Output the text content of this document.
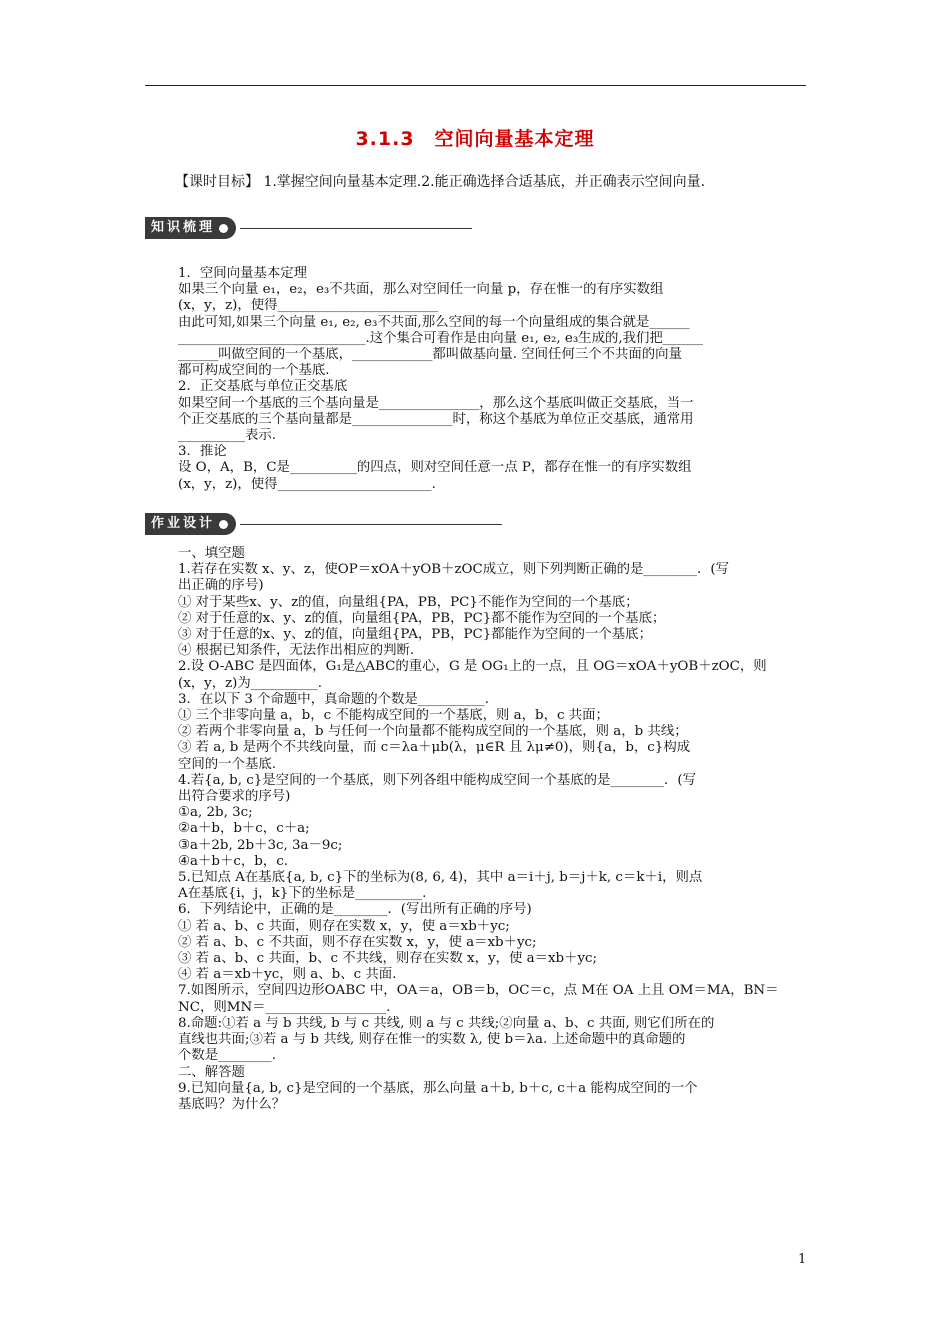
3.1.3　空间向量基本定理
【课时目标】 1.掌握空间向量基本定理.2.能正确选择合适基底，并正确表示空间向量.
知识梳理

1．空间向量基本定理

如果三个向量 e₁，e₂，e₃不共面，那么对空间任一向量 p，存在惟一的有序实数组

(x，y，z)，使得________________________

由此可知,如果三个向量 e₁, e₂, e₃不共面,那么空间的每一个向量组成的集合就是______

____________________________.这个集合可看作是由向量 e₁, e₂, e₃生成的,我们把______

______叫做空间的一个基底，____________都叫做基向量. 空间任何三个不共面的向量

都可构成空间的一个基底.

2．正交基底与单位正交基底

如果空间一个基底的三个基向量是_______________，那么这个基底叫做正交基底，当一

个正交基底的三个基向量都是_______________时，称这个基底为单位正交基底，通常用

__________表示.

3．推论

设 O，A，B，C是__________的四点，则对空间任意一点 P，都存在惟一的有序实数组

(x，y，z)，使得_______________________.

作业设计

一、填空题

1.若存在实数 x、y、z，使OP＝xOA＋yOB＋zOC成立，则下列判断正确的是________．(写

出正确的序号)

① 对于某些x、y、z的值，向量组{PA，PB，PC}不能作为空间的一个基底；

② 对于任意的x、y、z的值，向量组{PA，PB，PC}都不能作为空间的一个基底；

③ 对于任意的x、y、z的值，向量组{PA，PB，PC}都能作为空间的一个基底；

④ 根据已知条件，无法作出相应的判断.

2.设 O-ABC 是四面体，G₁是△ABC的重心，G 是 OG₁上的一点，且 OG＝xOA＋yOB＋zOC，则

(x，y，z)为__________.

3．在以下 3 个命题中，真命题的个数是__________.

① 三个非零向量 a，b，c 不能构成空间的一个基底，则 a，b，c 共面；

② 若两个非零向量 a，b 与任何一个向量都不能构成空间的一个基底，则 a，b 共线；

③ 若 a, b 是两个不共线向量，而 c＝λa＋μb(λ，μ∈R 且 λμ≠0)，则{a，b，c}构成

空间的一个基底.

4.若{a, b, c}是空间的一个基底，则下列各组中能构成空间一个基底的是________．(写

出符合要求的序号)

①a, 2b, 3c;

②a＋b，b＋c，c＋a;

③a＋2b, 2b＋3c, 3a－9c;

④a＋b＋c，b，c.

5.已知点 A在基底{a, b, c}下的坐标为(8, 6, 4)，其中 a＝i＋j, b＝j＋k, c＝k＋i，则点

A在基底{i，j，k}下的坐标是__________.

6．下列结论中，正确的是________．(写出所有正确的序号)

① 若 a、b、c 共面，则存在实数 x，y，使 a＝xb＋yc;

② 若 a、b、c 不共面，则不存在实数 x，y，使 a＝xb＋yc;

③ 若 a、b、c 共面，b、c 不共线，则存在实数 x，y，使 a＝xb＋yc;

④ 若 a＝xb＋yc，则 a、b、c 共面.

7.如图所示，空间四边形OABC 中，OA＝a，OB＝b，OC＝c，点 M在 OA 上且 OM＝MA，BN＝

NC，则MN＝__________________.

8.命题:①若 a 与 b 共线, b 与 c 共线, 则 a 与 c 共线;②向量 a、b、c 共面, 则它们所在的

直线也共面;③若 a 与 b 共线, 则存在惟一的实数 λ, 使 b＝λa. 上述命题中的真命题的

个数是________.

二、解答题

9.已知向量{a, b, c}是空间的一个基底，那么向量 a＋b, b＋c, c＋a 能构成空间的一个

基底吗？为什么？

1
